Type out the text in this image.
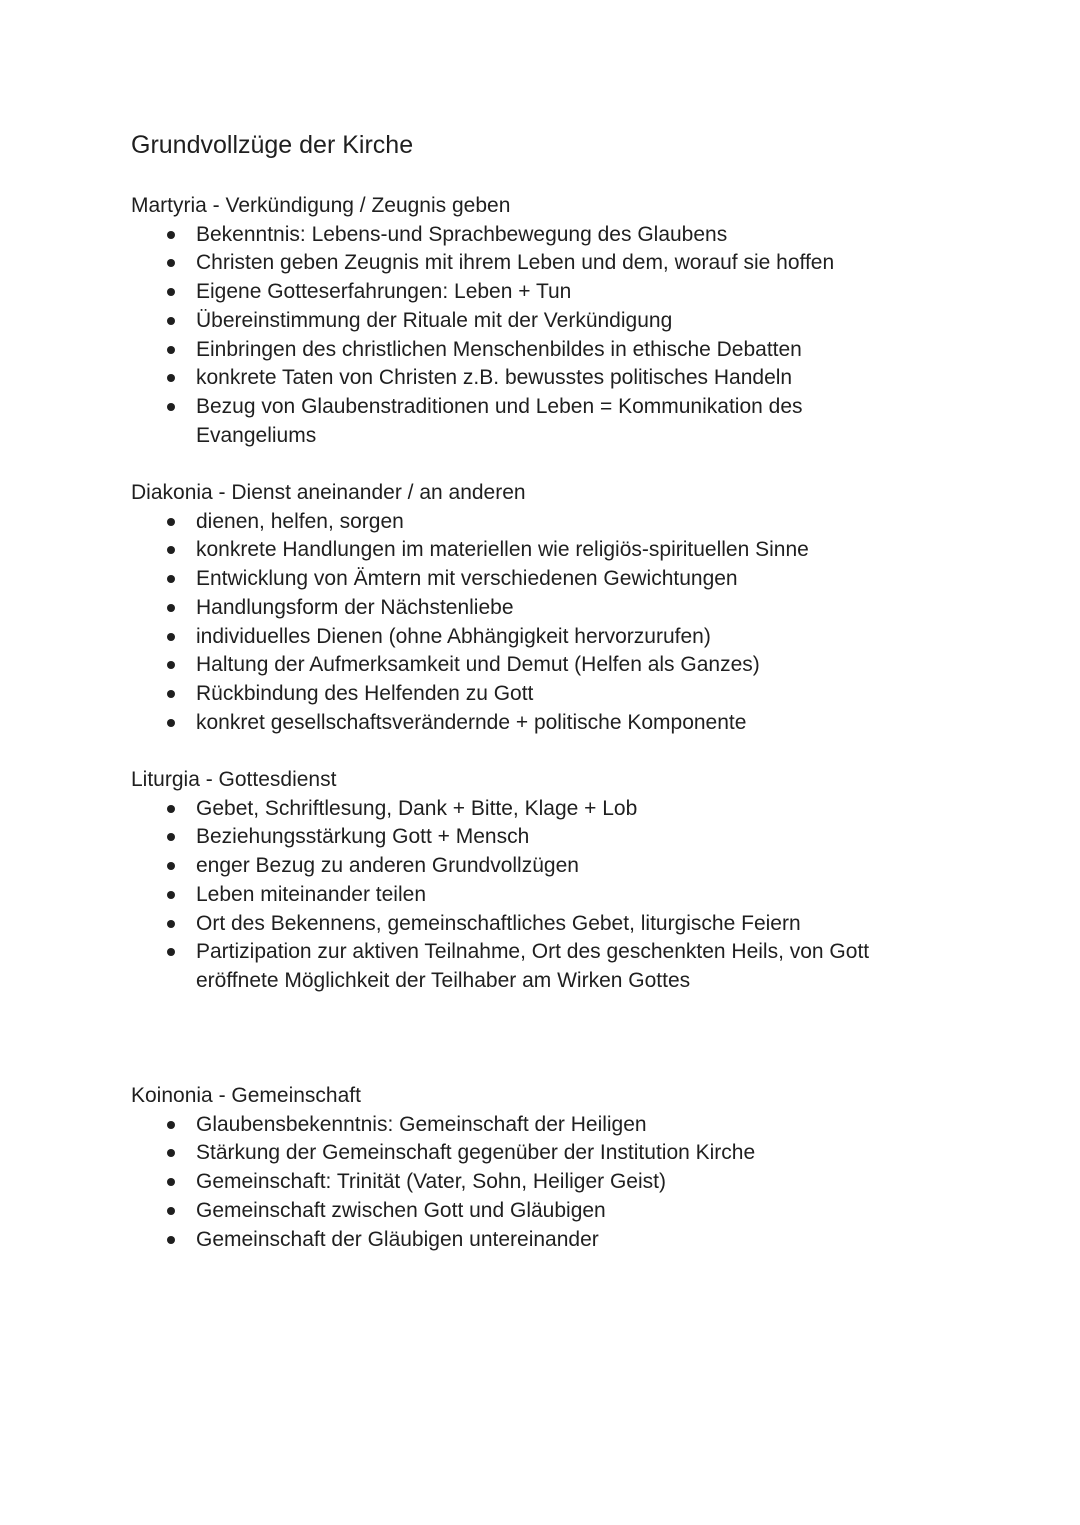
Grundvollzüge der Kirche
Martyria - Verkündigung / Zeugnis geben
Bekenntnis: Lebens-und Sprachbewegung des Glaubens
Christen geben Zeugnis mit ihrem Leben und dem, worauf sie hoffen
Eigene Gotteserfahrungen: Leben + Tun
Übereinstimmung der Rituale mit der Verkündigung
Einbringen des christlichen Menschenbildes in ethische Debatten
konkrete Taten von Christen z.B. bewusstes politisches Handeln
Bezug von Glaubenstraditionen und Leben = Kommunikation des Evangeliums
Diakonia - Dienst aneinander / an anderen
dienen, helfen, sorgen
konkrete Handlungen im materiellen wie religiös-spirituellen Sinne
Entwicklung von Ämtern mit verschiedenen Gewichtungen
Handlungsform der Nächstenliebe
individuelles Dienen (ohne Abhängigkeit hervorzurufen)
Haltung der Aufmerksamkeit und Demut (Helfen als Ganzes)
Rückbindung des Helfenden zu Gott
konkret gesellschaftsverändernde + politische Komponente
Liturgia - Gottesdienst
Gebet, Schriftlesung, Dank + Bitte, Klage + Lob
Beziehungsstärkung Gott + Mensch
enger Bezug zu anderen Grundvollzügen
Leben miteinander teilen
Ort des Bekennens, gemeinschaftliches Gebet, liturgische Feiern
Partizipation zur aktiven Teilnahme, Ort des geschenkten Heils, von Gott eröffnete Möglichkeit der Teilhaber am Wirken Gottes
Koinonia - Gemeinschaft
Glaubensbekenntnis: Gemeinschaft der Heiligen
Stärkung der Gemeinschaft gegenüber der Institution Kirche
Gemeinschaft: Trinität (Vater, Sohn, Heiliger Geist)
Gemeinschaft zwischen Gott und Gläubigen
Gemeinschaft der Gläubigen untereinander
